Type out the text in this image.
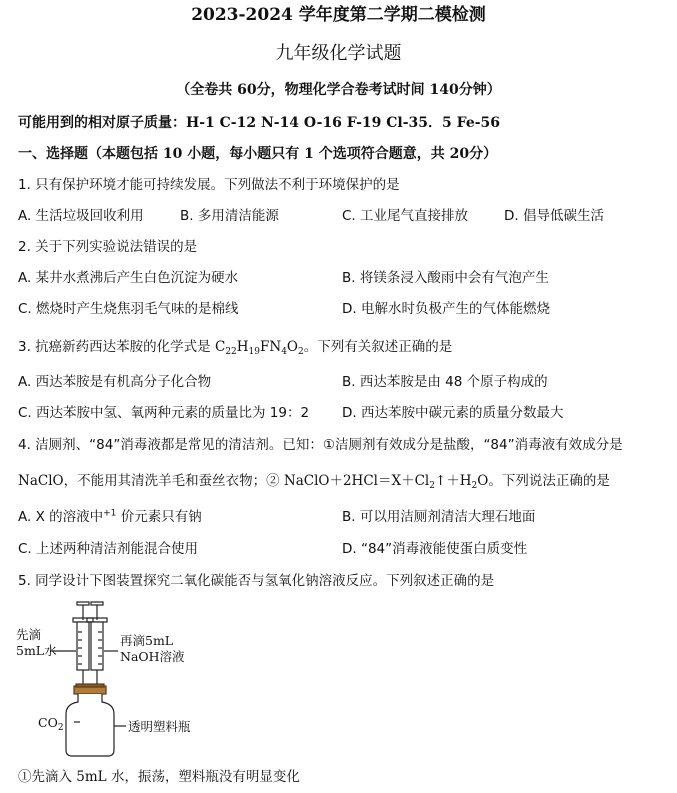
2023-2024 学年度第二学期二模检测
九年级化学试题
（全卷共 60分，物理化学合卷考试时间 140分钟）
可能用到的相对原子质量：H-1 C-12 N-14 O-16 F-19 Cl-35．5 Fe-56
一、选择题（本题包括 10 小题，每小题只有 1 个选项符合题意，共 20分）
1. 只有保护环境才能可持续发展。下列做法不利于环境保护的是
A. 生活垃圾回收利用	B. 多用清洁能源	C. 工业尾气直接排放	D. 倡导低碳生活
2. 关于下列实验说法错误的是
A. 某井水煮沸后产生白色沉淀为硬水	B. 将镁条浸入酸雨中会有气泡产生
C. 燃烧时产生烧焦羽毛气味的是棉线	D. 电解水时负极产生的气体能燃烧
3. 抗癌新药西达苯胺的化学式是 $C_{22}H_{19}FN_4O_2$。下列有关叙述正确的是
A. 西达苯胺是有机高分子化合物	B. 西达苯胺是由 48 个原子构成的
C. 西达苯胺中氢、氧两种元素的质量比为 19：2 D. 西达苯胺中碳元素的质量分数最大
4. 洁厕剂、“84”消毒液都是常见的清洁剂。已知：①洁厕剂有效成分是盐酸，“84”消毒液有效成分是
NaClO，不能用其清洗羊毛和蚕丝衣物；② $NaClO+2HCl=X+Cl_2↑+H_2O$。下列说法正确的是
A. X 的溶液中$^{+1}$ 价元素只有钠	B. 可以用洁厕剂清洁大理石地面
C. 上述两种清洁剂能混合使用	D. “84”消毒液能使蛋白质变性
5. 同学设计下图装置探究二氧化碳能否与氢氧化钠溶液反应。下列叙述正确的是
先滴
5mL水
再滴5mL
NaOH溶液
$CO_2$	透明塑料瓶
①先滴入 5mL 水，振荡，塑料瓶没有明显变化
